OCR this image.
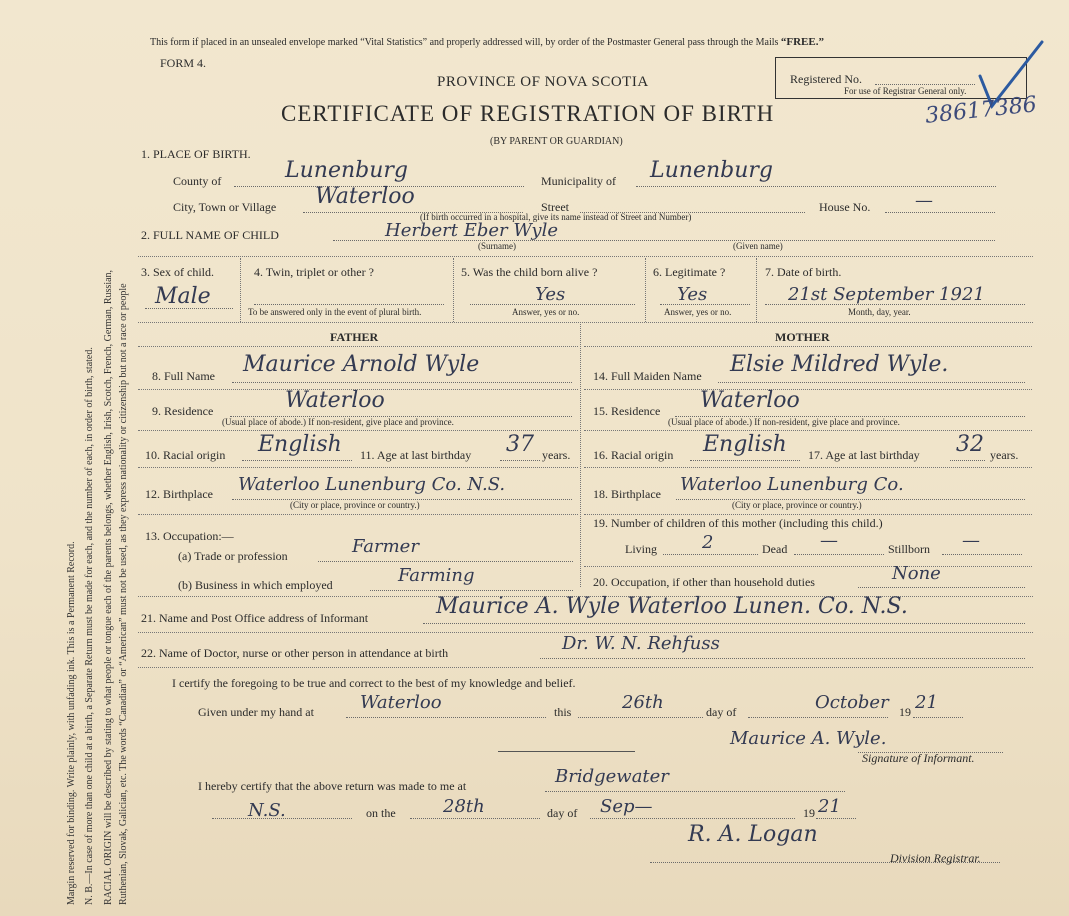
Margin reserved for binding. Write plainly, with unfading ink. This is a Permanent Record. N. B.—In case of more than one child at a birth, a Separate Return must be made for each, and the number of each, in order of birth, stated. RACIAL ORIGIN will be described by stating to what people or tongue each of the parents belongs, whether English, Irish, Scotch, French, German, Russian, Ruthenian, Slovak, Galician, etc. The words “Canadian” or “American” must not be used, as they express nationality or citizenship but not a race or people
This form if placed in an unsealed envelope marked “Vital Statistics” and properly addressed will, by order of the Postmaster General pass through the Mails “FREE.”
FORM 4.
PROVINCE OF NOVA SCOTIA
CERTIFICATE OF REGISTRATION OF BIRTH
(BY PARENT OR GUARDIAN)
Registered No.
For use of Registrar General only.
38617386
1. PLACE OF BIRTH.
County of	Lunenburg	Municipality of Lunenburg
City, Town or Village Waterloo	Street
(If birth occurred in a hospital, give its name instead of Street and Number)
House No. —
2. FULL NAME OF CHILD	Herbert Eber Wyle
(Surname)	(Given name)
3. Sex of child.
Male
4. Twin, triplet or other ?
To be answered only in the event of plural birth.
5. Was the child born alive ?
Yes
Answer, yes or no.
6. Legitimate ?
Yes
Answer, yes or no.
7. Date of birth.
21st September 1921
Month, day, year.
FATHER	MOTHER
8. Full Name Maurice Arnold Wyle
9. Residence	Waterloo
(Usual place of abode.) If non-resident, give place and province.
10. Racial origin English 11. Age at last birthday 37 years.
12. Birthplace Waterloo Lunenburg Co. N.S.
(City or place, province or country.)
13. Occupation:—
(a) Trade or profession	Farmer
(b) Business in which employed	Farming
14. Full Maiden Name Elsie Mildred Wyle.
15. Residence Waterloo
(Usual place of abode.) If non-resident, give place and province.
16. Racial origin English 17. Age at last birthday 32 years.
18. Birthplace Waterloo Lunenburg Co.
(City or place, province or country.)
19. Number of children of this mother (including this child.)
Living	2	Dead —	Stillborn —
20. Occupation, if other than household duties	None
21. Name and Post Office address of Informant	Maurice A. Wyle Waterloo Lunen. Co. N.S.
22. Name of Doctor, nurse or other person in attendance at birth	Dr. W. N. Rehfuss
I certify the foregoing to be true and correct to the best of my knowledge and belief.
Given under my hand at	Waterloo	this	26th	day of	October 19 21
Maurice A. Wyle.
Signature of Informant.
I hereby certify that the above return was made to me at	Bridgewater
N.S.	on the	28th	day of Sep—	19 21
R. A. Logan
Division Registrar.
